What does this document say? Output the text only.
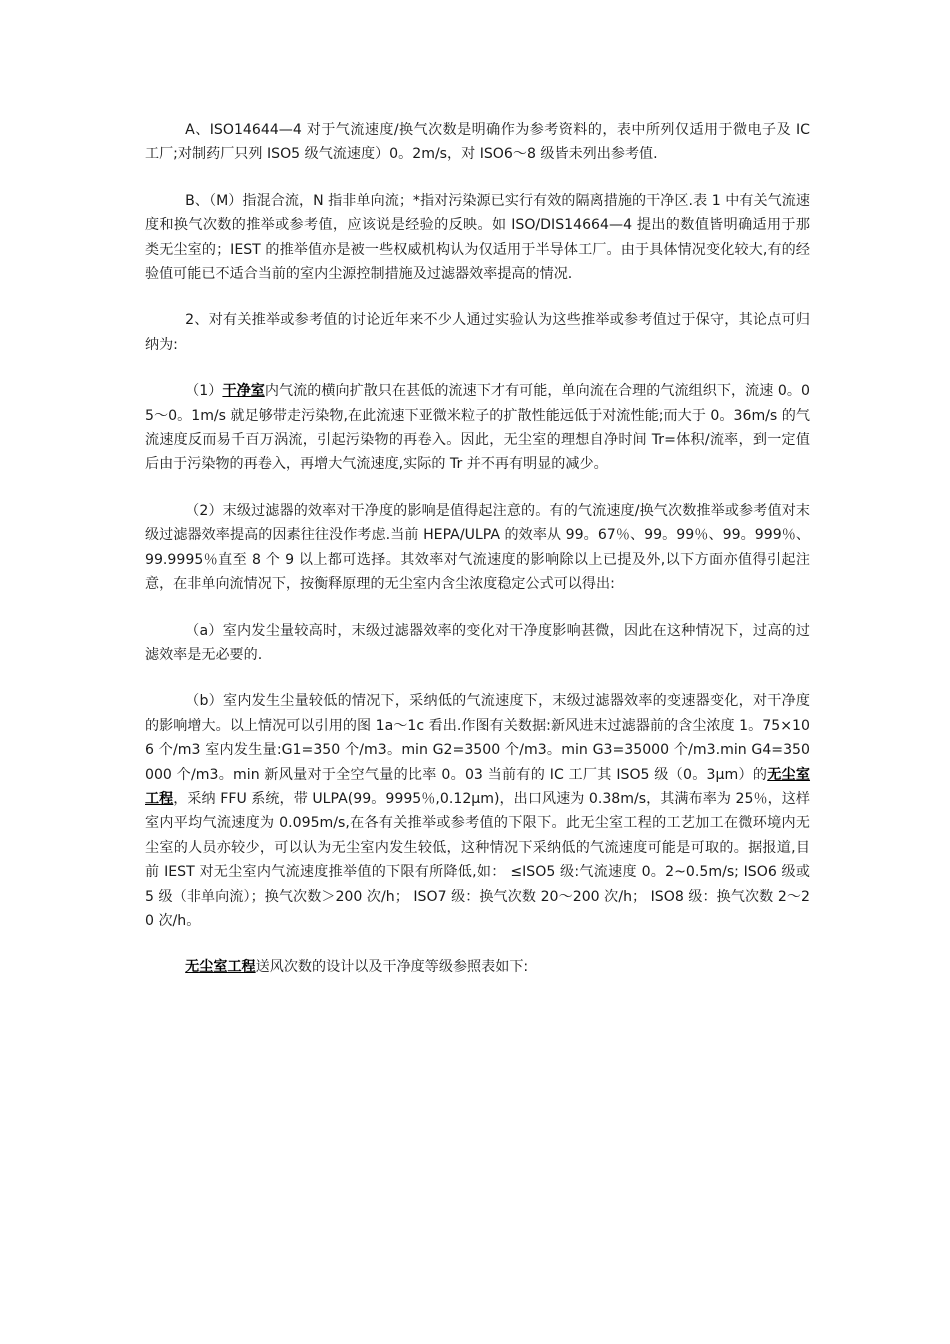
A、ISO14644—4 对于气流速度/换气次数是明确作为参考资料的，表中所列仅适用于微电子及 IC 工厂;对制药厂只列 ISO5 级气流速度）0。2m/s，对 ISO6～8 级皆未列出参考值.

B、（M）指混合流，N 指非单向流；*指对污染源已实行有效的隔离措施的干净区.表 1 中有关气流速度和换气次数的推举或参考值，应该说是经验的反映。如 ISO/DIS14664—4 提出的数值皆明确适用于那类无尘室的；IEST 的推举值亦是被一些权威机构认为仅适用于半导体工厂。由于具体情况变化较大,有的经验值可能已不适合当前的室内尘源控制措施及过滤器效率提高的情况.

2、对有关推举或参考值的讨论近年来不少人通过实验认为这些推举或参考值过于保守，其论点可归纳为:

（1）干净室内气流的横向扩散只在甚低的流速下才有可能，单向流在合理的气流组织下，流速 0。05～0。1m/s 就足够带走污染物,在此流速下亚微米粒子的扩散性能远低于对流性能;而大于 0。36m/s 的气流速度反而易千百万涡流，引起污染物的再卷入。因此，无尘室的理想自净时间 Tr=体积/流率，到一定值后由于污染物的再卷入，再增大气流速度,实际的 Tr 并不再有明显的减少。

（2）末级过滤器的效率对干净度的影响是值得起注意的。有的气流速度/换气次数推举或参考值对末级过滤器效率提高的因素往往没作考虑.当前 HEPA/ULPA 的效率从 99。67％、99。99％、99。999％、99.9995％直至 8 个 9 以上都可选择。其效率对气流速度的影响除以上已提及外,以下方面亦值得引起注意，在非单向流情况下，按衡释原理的无尘室内含尘浓度稳定公式可以得出:

（a）室内发尘量较高时，末级过滤器效率的变化对干净度影响甚微，因此在这种情况下，过高的过滤效率是无必要的.

（b）室内发生尘量较低的情况下，采纳低的气流速度下，末级过滤器效率的变速器变化，对干净度的影响增大。以上情况可以引用的图 1a～1c 看出.作图有关数据:新风进末过滤器前的含尘浓度 1。75×106 个/m3 室内发生量:G1=350 个/m3。min G2=3500 个/m3。min G3=35000 个/m3.min G4=350000 个/m3。min 新风量对于全空气量的比率 0。03 当前有的 IC 工厂其 ISO5 级（0。3μm）的无尘室工程，采纳 FFU 系统，带 ULPA(99。9995％,0.12μm)，出口风速为 0.38m/s，其满布率为 25％，这样室内平均气流速度为 0.095m/s,在各有关推举或参考值的下限下。此无尘室工程的工艺加工在微环境内无尘室的人员亦较少，可以认为无尘室内发生较低，这种情况下采纳低的气流速度可能是可取的。据报道,目前 IEST 对无尘室内气流速度推举值的下限有所降低,如： ≤ISO5 级:气流速度 0。2~0.5m/s; ISO6 级或 5 级（非单向流）；换气次数＞200 次/h； ISO7 级：换气次数 20～200 次/h； ISO8 级：换气次数 2～20 次/h。

无尘室工程送风次数的设计以及干净度等级参照表如下:
